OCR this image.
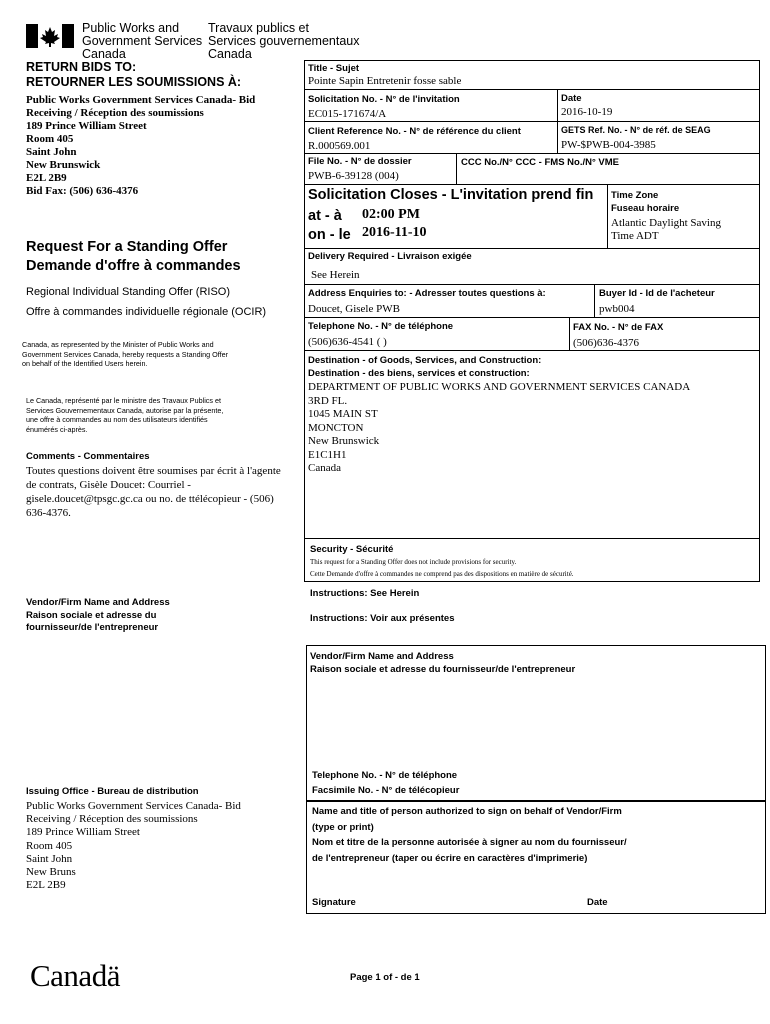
Public Works and
Government Services
Canada
Travaux publics et
Services gouvernementaux
Canada
RETURN BIDS TO:
RETOURNER LES SOUMISSIONS À:
Public Works Government Services Canada- Bid
Receiving / Réception des soumissions
189 Prince William Street
Room 405
Saint John
New Brunswick
E2L 2B9
Bid Fax: (506) 636-4376
Request For a Standing Offer
Demande d'offre à commandes
Regional Individual Standing Offer (RISO)
Offre à commandes individuelle régionale (OCIR)
Canada, as represented by the Minister of Public Works and
Government Services Canada, hereby requests a Standing Offer
on behalf of the Identified Users herein.
Le Canada, représenté par le ministre des Travaux Publics et
Services Gouvernementaux Canada, autorise par la présente,
une offre à commandes au nom des utilisateurs identifiés
énumérés ci-après.
Comments - Commentaires
Toutes questions doivent être soumises par écrit à l'agente
de contrats, Gisèle Doucet: Courriel -
gisele.doucet@tpsgc.gc.ca ou no. de ttélécopieur - (506)
636-4376.
Vendor/Firm Name and Address
Raison sociale et adresse du
fournisseur/de l'entrepreneur
Issuing Office - Bureau de distribution
Public Works Government Services Canada- Bid
Receiving / Réception des soumissions
189 Prince William Street
Room 405
Saint John
New Bruns
E2L 2B9
Title - Sujet
Pointe Sapin Entretenir fosse sable
Solicitation No. - N° de l'invitation
EC015-171674/A
Date
2016-10-19
Client Reference No. - N° de référence du client
R.000569.001
GETS Ref. No. - N° de réf. de SEAG
PW-$PWB-004-3985
File No. - N° de dossier
PWB-6-39128 (004)
CCC No./N° CCC - FMS No./N° VME
Solicitation Closes - L'invitation prend fin
at - à 02:00 PM
on - le 2016-11-10
Time Zone
Fuseau horaire
Atlantic Daylight Saving
Time ADT
Delivery Required - Livraison exigée
See Herein
Address Enquiries to: - Adresser toutes questions à:
Doucet, Gisele PWB
Buyer Id - Id de l'acheteur
pwb004
Telephone No. - N° de téléphone
(506)636-4541 ( )
FAX No. - N° de FAX
(506)636-4376
Destination - of Goods, Services, and Construction:
Destination - des biens, services et construction:
DEPARTMENT OF PUBLIC WORKS AND GOVERNMENT SERVICES CANADA
3RD FL.
1045 MAIN ST
MONCTON
New Brunswick
E1C1H1
Canada
Security - Sécurité
This request for a Standing Offer does not include provisions for security.
Cette Demande d'offre à commandes ne comprend pas des dispositions en matière de sécurité.
Instructions: See Herein
Instructions: Voir aux présentes
Vendor/Firm Name and Address
Raison sociale et adresse du fournisseur/de l'entrepreneur
Telephone No. - N° de téléphone
Facsimile No. - N° de télécopieur
Name and title of person authorized to sign on behalf of Vendor/Firm
(type or print)
Nom et titre de la personne autorisée à signer au nom du fournisseur/
de l'entrepreneur (taper ou écrire en caractères d'imprimerie)
Signature	Date
Canadä	Page 1 of - de 1
